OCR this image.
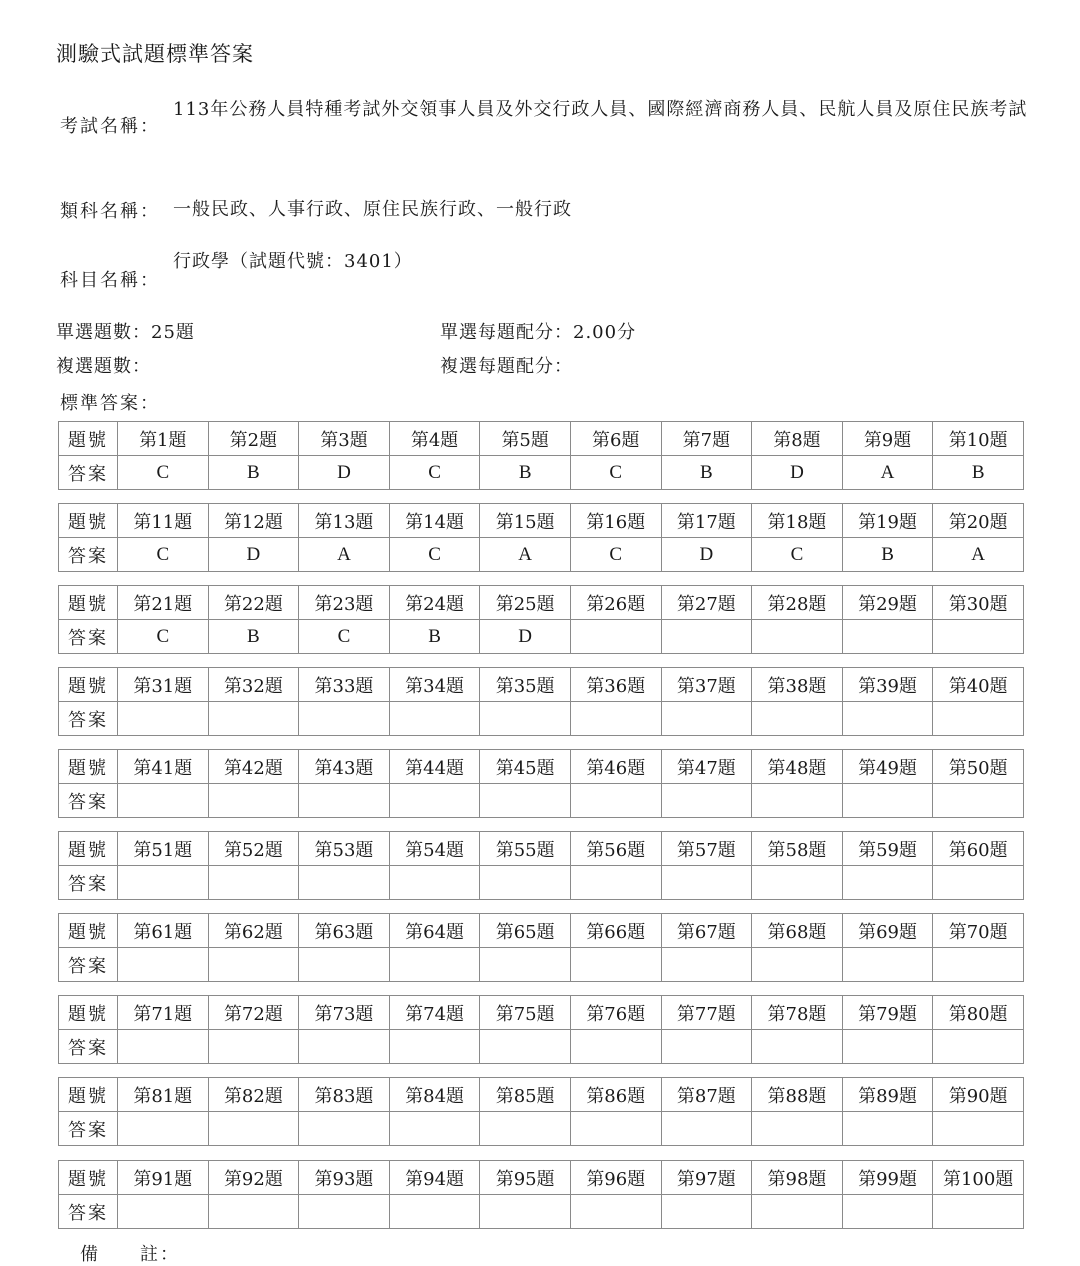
測驗式試題標準答案
考試名稱：
113年公務人員特種考試外交領事人員及外交行政人員、國際經濟商務人員、民航人員及原住民族考試
類科名稱： 一般民政、人事行政、原住民族行政、一般行政
科目名稱：
行政學（試題代號：3401）
單選題數：25題	單選每題配分：2.00分
複選題數：	複選每題配分：
標準答案：
題號	第1題	第2題	第3題	第4題	第5題	第6題	第7題	第8題	第9題	第10題
答案	C	B	D	C	B	C	B	D	A	B
題號	第11題	第12題	第13題	第14題	第15題	第16題	第17題	第18題	第19題	第20題
答案	C	D	A	C	A	C	D	C	B	A
題號	第21題	第22題	第23題	第24題	第25題	第26題	第27題	第28題	第29題	第30題
答案	C	B	C	B	D					
題號	第31題	第32題	第33題	第34題	第35題	第36題	第37題	第38題	第39題	第40題
答案										
題號	第41題	第42題	第43題	第44題	第45題	第46題	第47題	第48題	第49題	第50題
答案										
題號	第51題	第52題	第53題	第54題	第55題	第56題	第57題	第58題	第59題	第60題
答案										
題號	第61題	第62題	第63題	第64題	第65題	第66題	第67題	第68題	第69題	第70題
答案										
題號	第71題	第72題	第73題	第74題	第75題	第76題	第77題	第78題	第79題	第80題
答案										
題號	第81題	第82題	第83題	第84題	第85題	第86題	第87題	第88題	第89題	第90題
答案										
題號	第91題	第92題	第93題	第94題	第95題	第96題	第97題	第98題	第99題	第100題
答案										
備　　註：
